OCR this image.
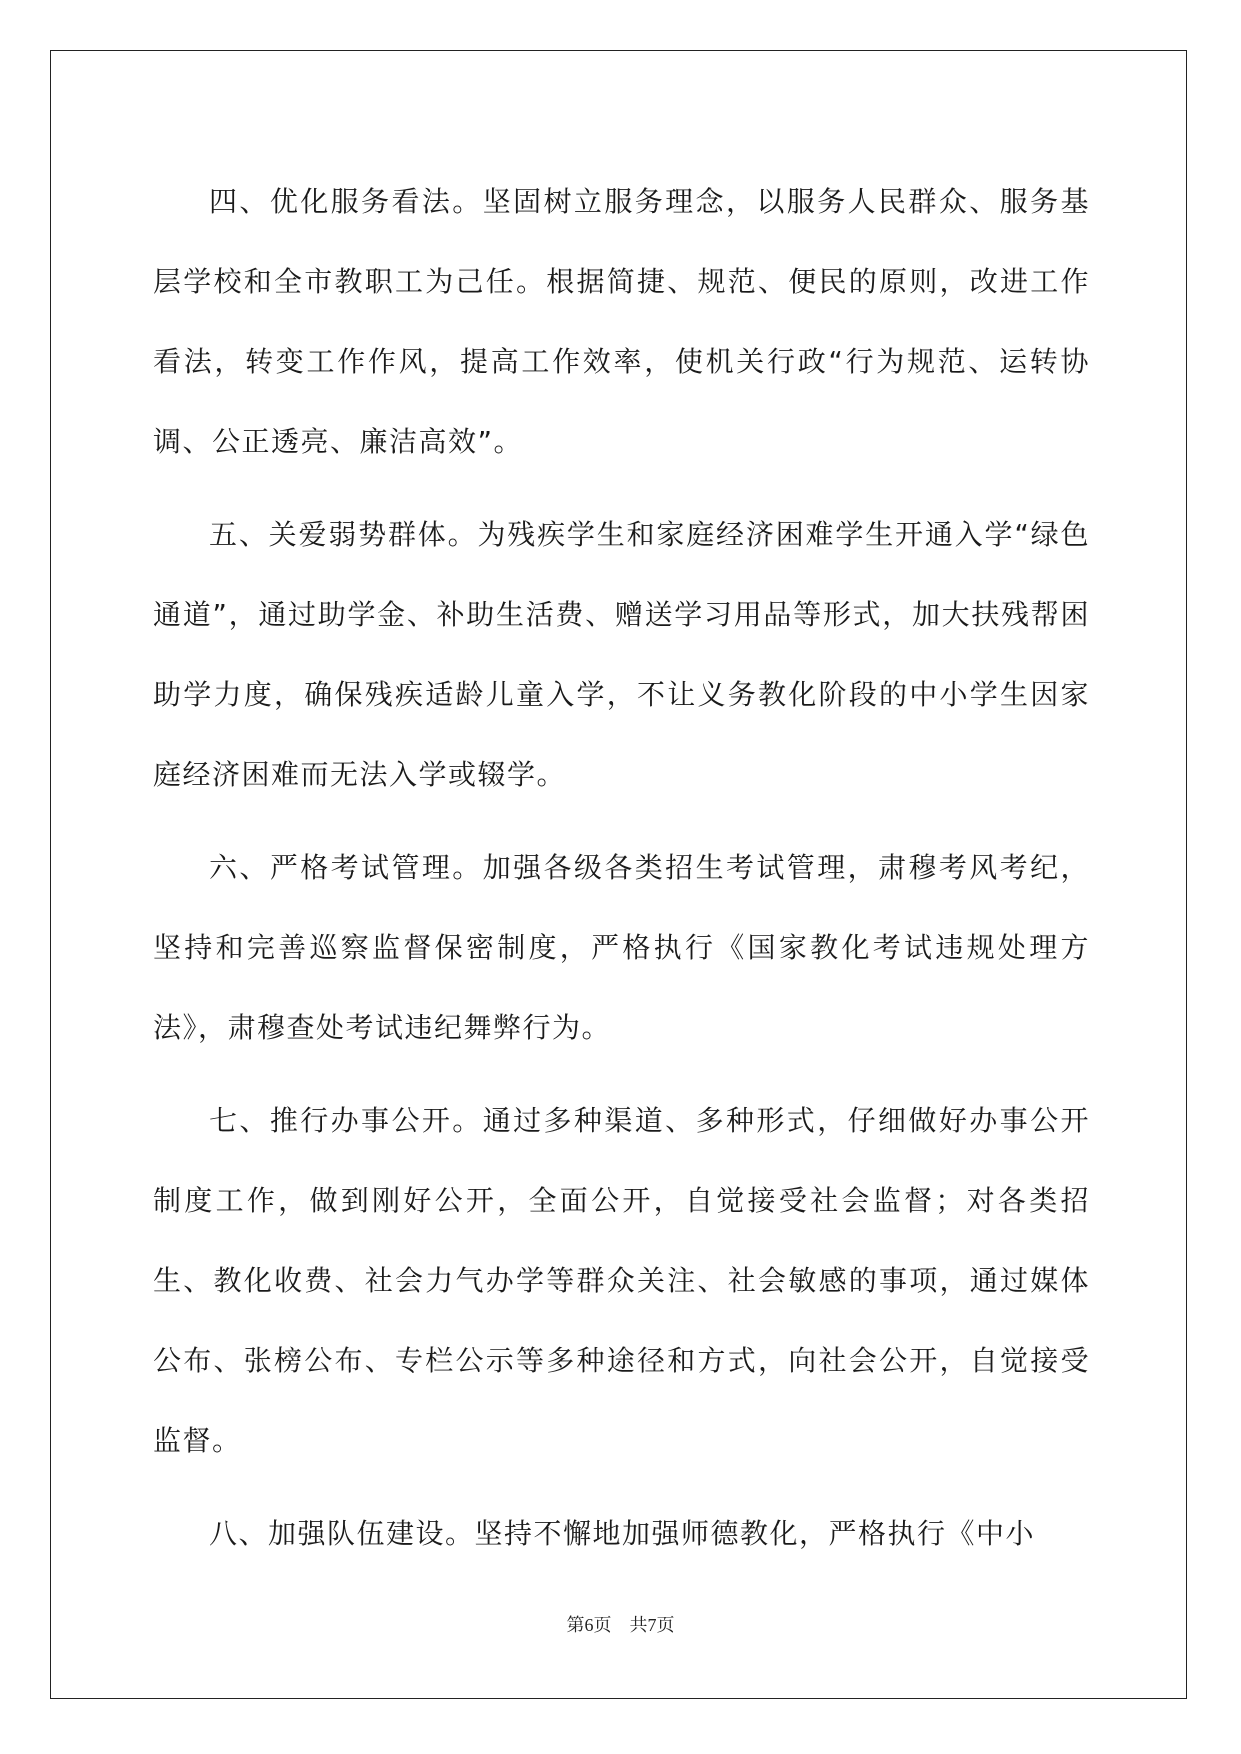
四、优化服务看法。坚固树立服务理念，以服务人民群众、服务基层学校和全市教职工为己任。根据简捷、规范、便民的原则，改进工作看法，转变工作作风，提高工作效率，使机关行政“行为规范、运转协调、公正透亮、廉洁高效”。

五、关爱弱势群体。为残疾学生和家庭经济困难学生开通入学“绿色通道”，通过助学金、补助生活费、赠送学习用品等形式，加大扶残帮困助学力度，确保残疾适龄儿童入学，不让义务教化阶段的中小学生因家庭经济困难而无法入学或辍学。

六、严格考试管理。加强各级各类招生考试管理，肃穆考风考纪，坚持和完善巡察监督保密制度，严格执行《国家教化考试违规处理方法》，肃穆查处考试违纪舞弊行为。

七、推行办事公开。通过多种渠道、多种形式，仔细做好办事公开制度工作，做到刚好公开，全面公开，自觉接受社会监督；对各类招生、教化收费、社会力气办学等群众关注、社会敏感的事项，通过媒体公布、张榜公布、专栏公示等多种途径和方式，向社会公开，自觉接受监督。

八、加强队伍建设。坚持不懈地加强师德教化，严格执行《中小

第6页　共7页
